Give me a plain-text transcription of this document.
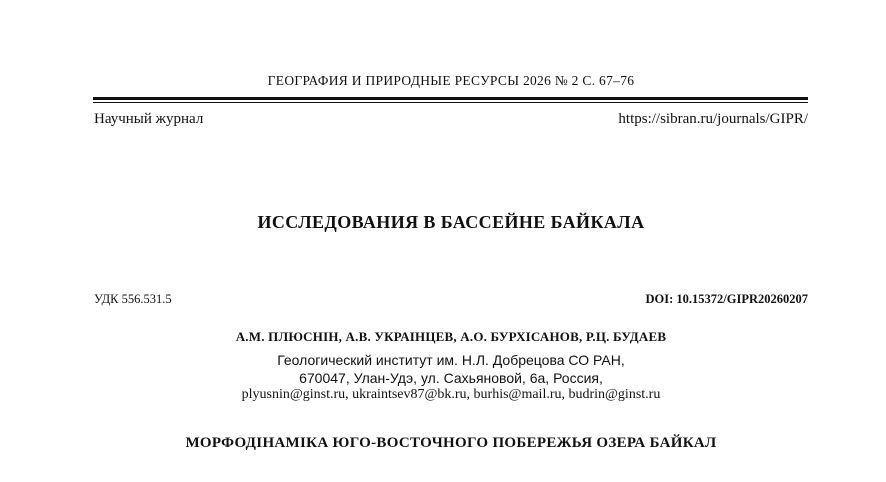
ГЕОГРАФИЯ И ПРИРОДНЫЕ РЕСУРСЫ 2026 № 2 С. 67–76
Научный журнал	https://sibran.ru/journals/GIPR/
ИССЛЕДОВАНИЯ В БАССЕЙНЕ БАЙКАЛА
УДК 556.531.5	DOI: 10.15372/GIPR20260207
А.М. ПЛЮСНІН, А.В. УКРАІНЦЕВ, А.О. БУРХІСАНОВ, Р.Ц. БУДАЕВ
Геологический институт им. Н.Л. Добрецова СО РАН,
670047, Улан-Удэ, ул. Сахьяновой, 6а, Россия,
plyusnin@ginst.ru, ukraintsev87@bk.ru, burhis@mail.ru, budrin@ginst.ru
МОРФОДІНАМІКА ЮГО-ВОСТОЧНОГО ПОБЕРЕЖЬЯ ОЗЕРА БАЙКАЛ
